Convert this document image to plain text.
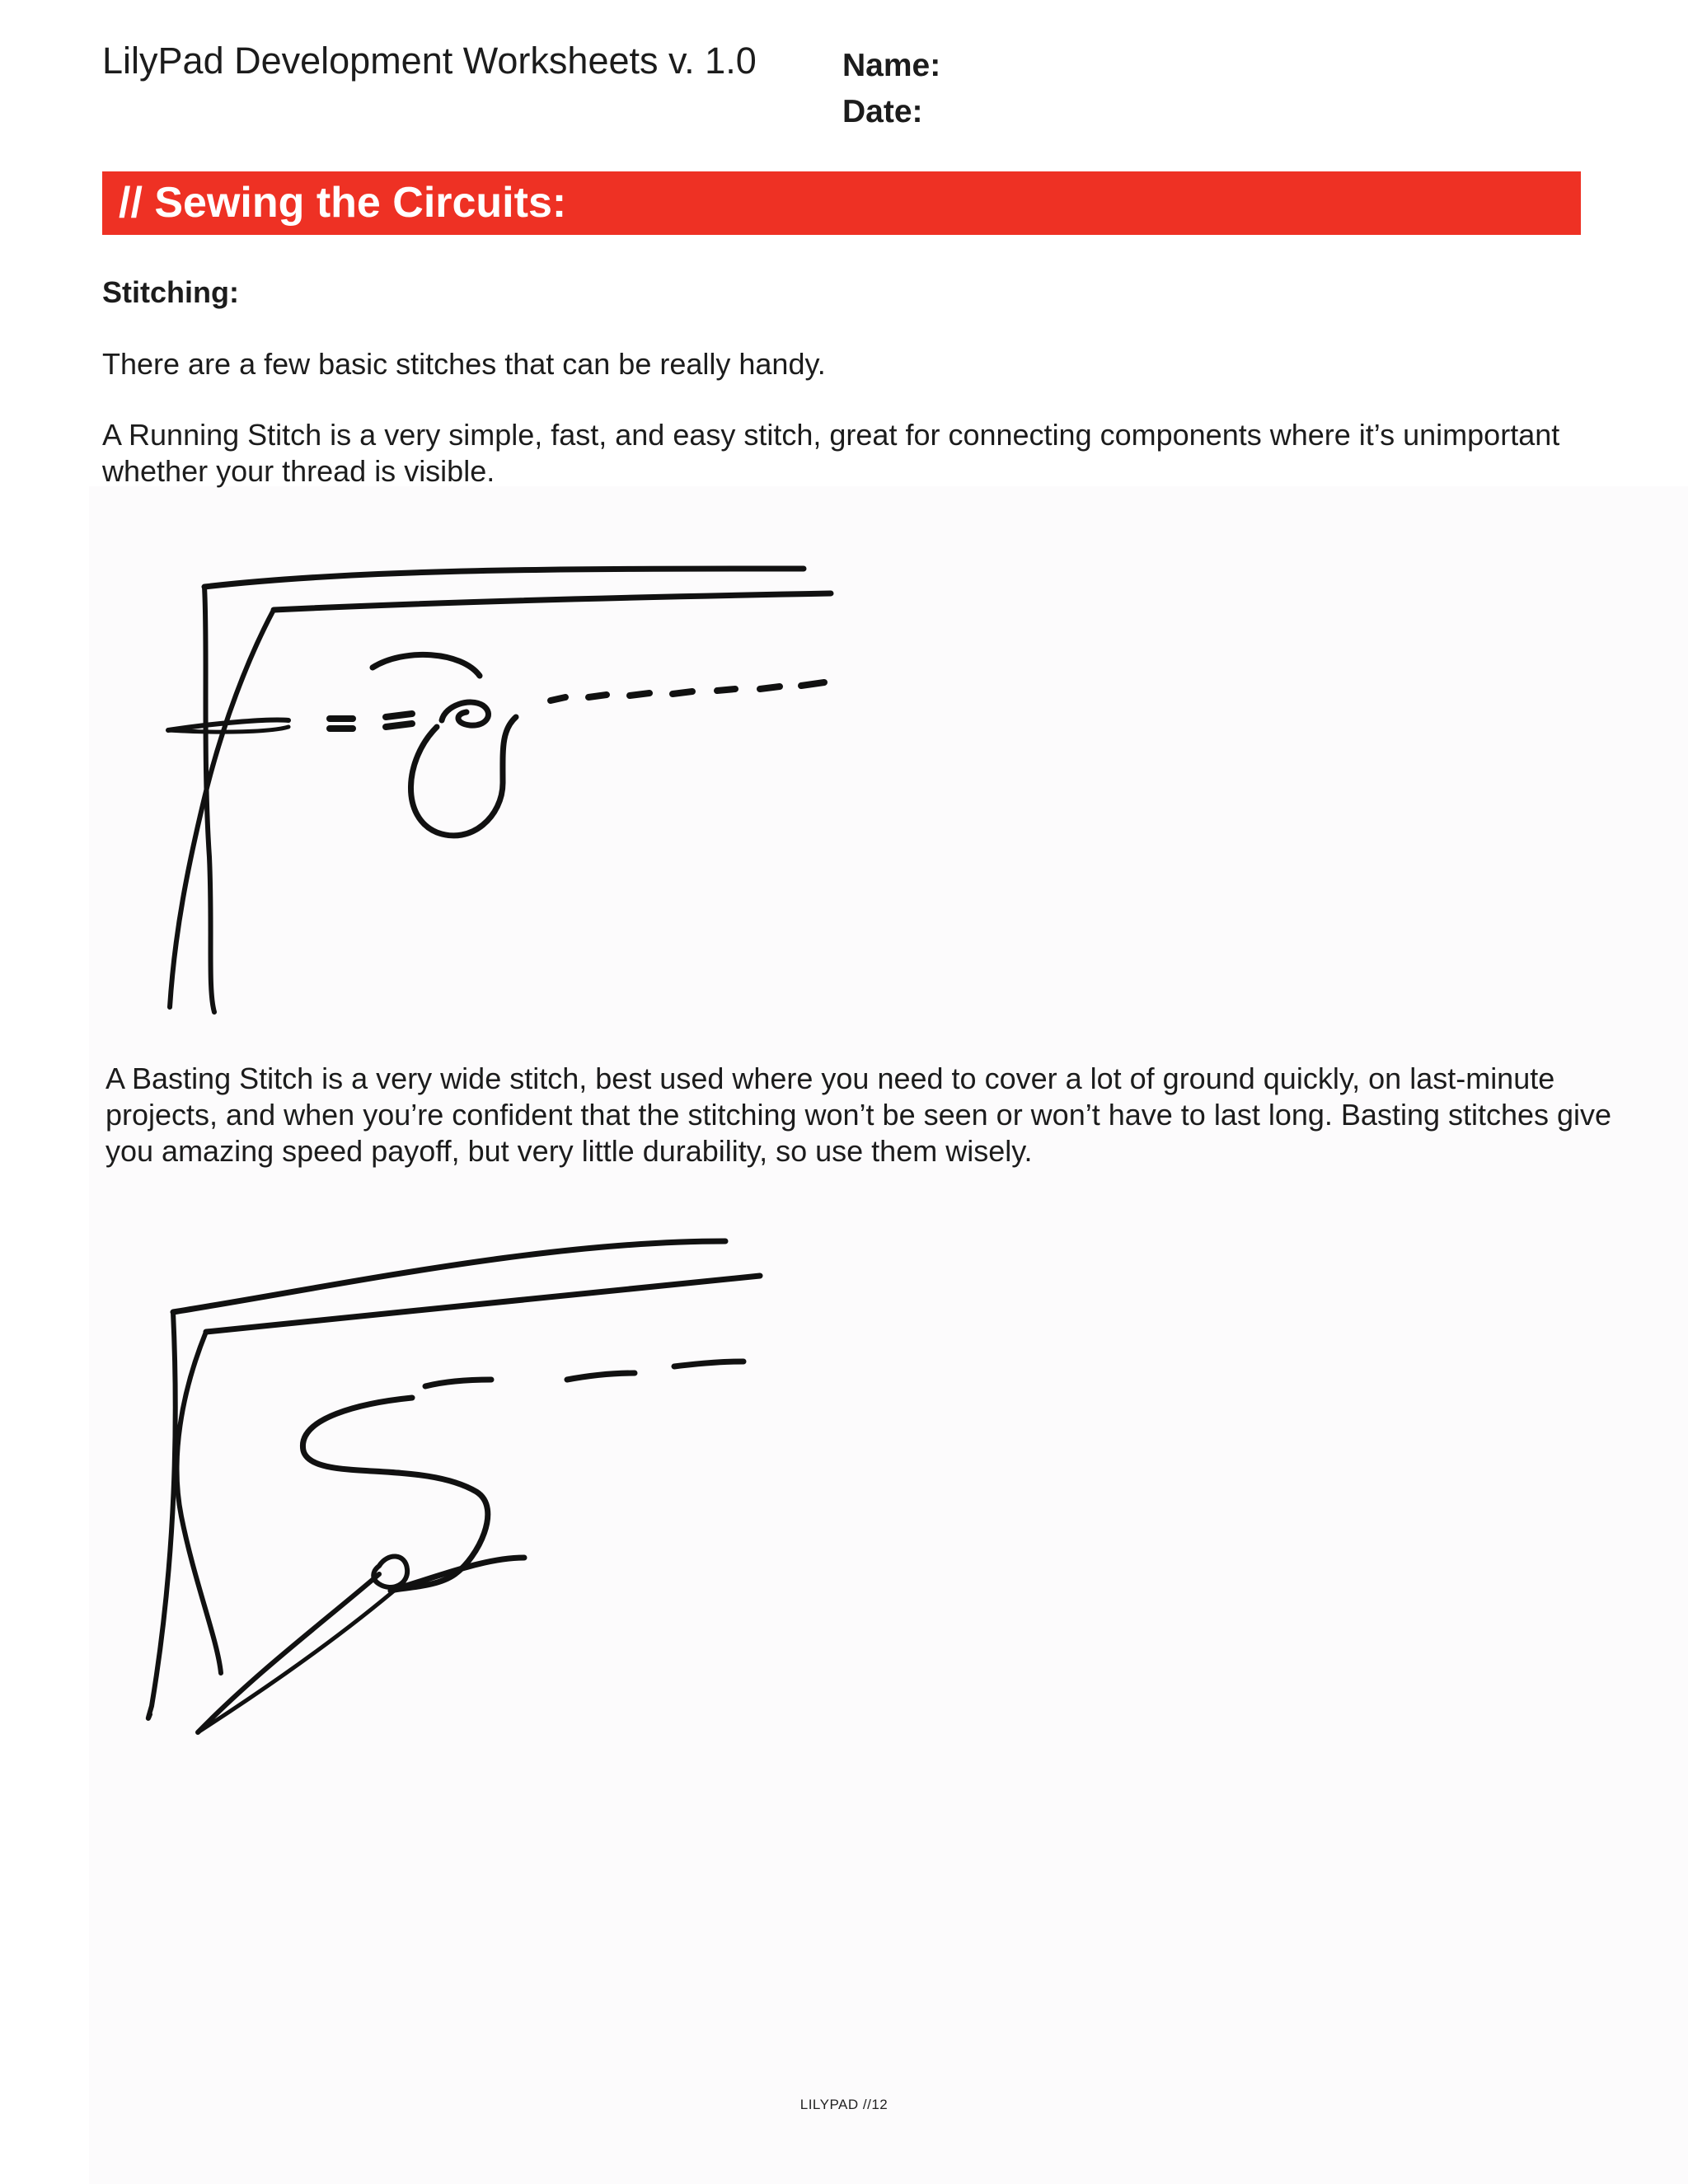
LilyPad Development Worksheets v. 1.0	Name:
Date:
// Sewing the Circuits:
Stitching:

There are a few basic stitches that can be really handy.

A Running Stitch is a very simple, fast, and easy stitch, great for connecting components where it’s unimportant whether your thread is visible.

A Basting Stitch is a very wide stitch, best used where you need to cover a lot of ground quickly, on last-minute projects, and when you’re confident that the stitching won’t be seen or won’t have to last long. Basting stitches give you amazing speed payoff, but very little durability, so use them wisely.

LILYPAD //12
